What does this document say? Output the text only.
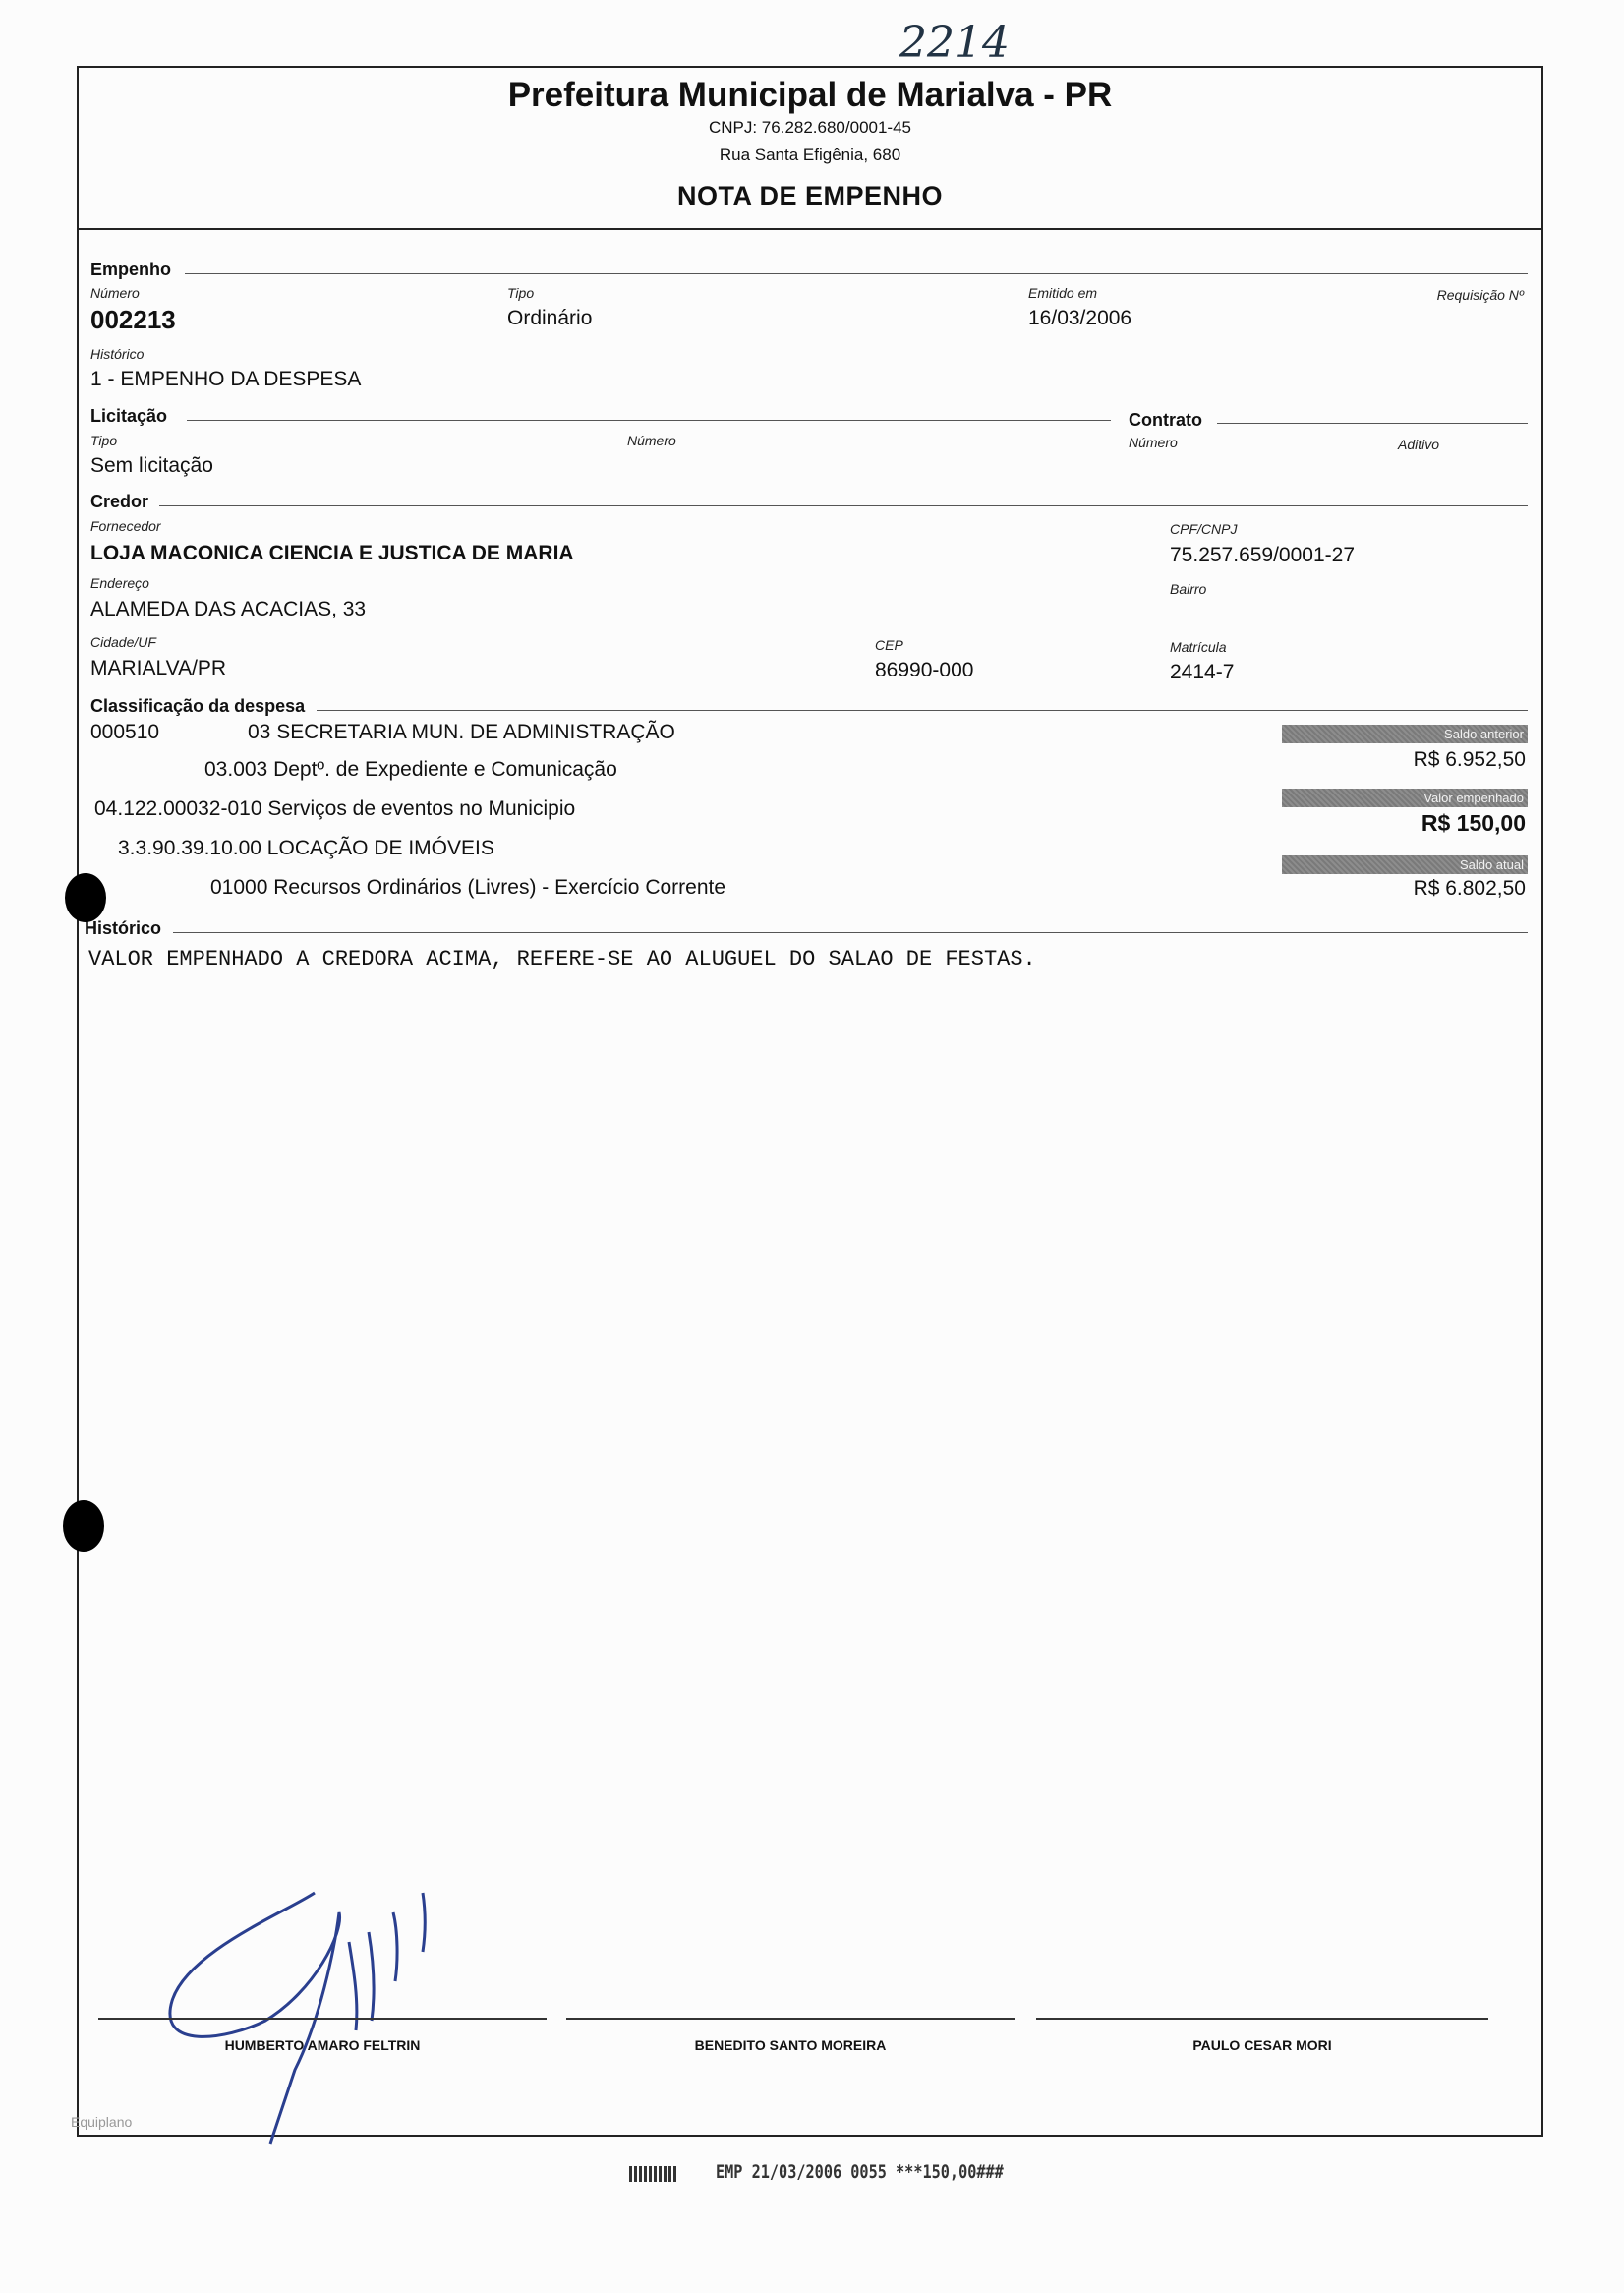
2214
Prefeitura Municipal de Marialva - PR
CNPJ: 76.282.680/0001-45
Rua Santa Efigênia, 680
NOTA DE EMPENHO
Empenho
Número
002213
Tipo
Ordinário
Emitido em
16/03/2006
Requisição Nº
Histórico
1 - EMPENHO DA DESPESA
Licitação
Tipo
Sem licitação
Número
Contrato
Número	Aditivo
Credor
Fornecedor
LOJA MACONICA CIENCIA E JUSTICA DE MARIA
CPF/CNPJ
75.257.659/0001-27
Endereço
ALAMEDA DAS ACACIAS, 33
Bairro
Cidade/UF
MARIALVA/PR
CEP
86990-000
Matrícula
2414-7
Classificação da despesa
000510	03 SECRETARIA MUN. DE ADMINISTRAÇÃO
03.003 Deptº. de Expediente e Comunicação
04.122.00032-010 Serviços de eventos no Municipio
3.3.90.39.10.00 LOCAÇÃO DE IMÓVEIS
01000 Recursos Ordinários (Livres) - Exercício Corrente
Saldo anterior
R$ 6.952,50
Valor empenhado
R$ 150,00
Saldo atual
R$ 6.802,50
Histórico
VALOR EMPENHADO A CREDORA ACIMA, REFERE-SE AO ALUGUEL DO SALAO DE FESTAS.
HUMBERTO AMARO FELTRIN	BENEDITO SANTO MOREIRA	PAULO CESAR MORI
Equiplano
EMP 21/03/2006 0055 ***150,00###
